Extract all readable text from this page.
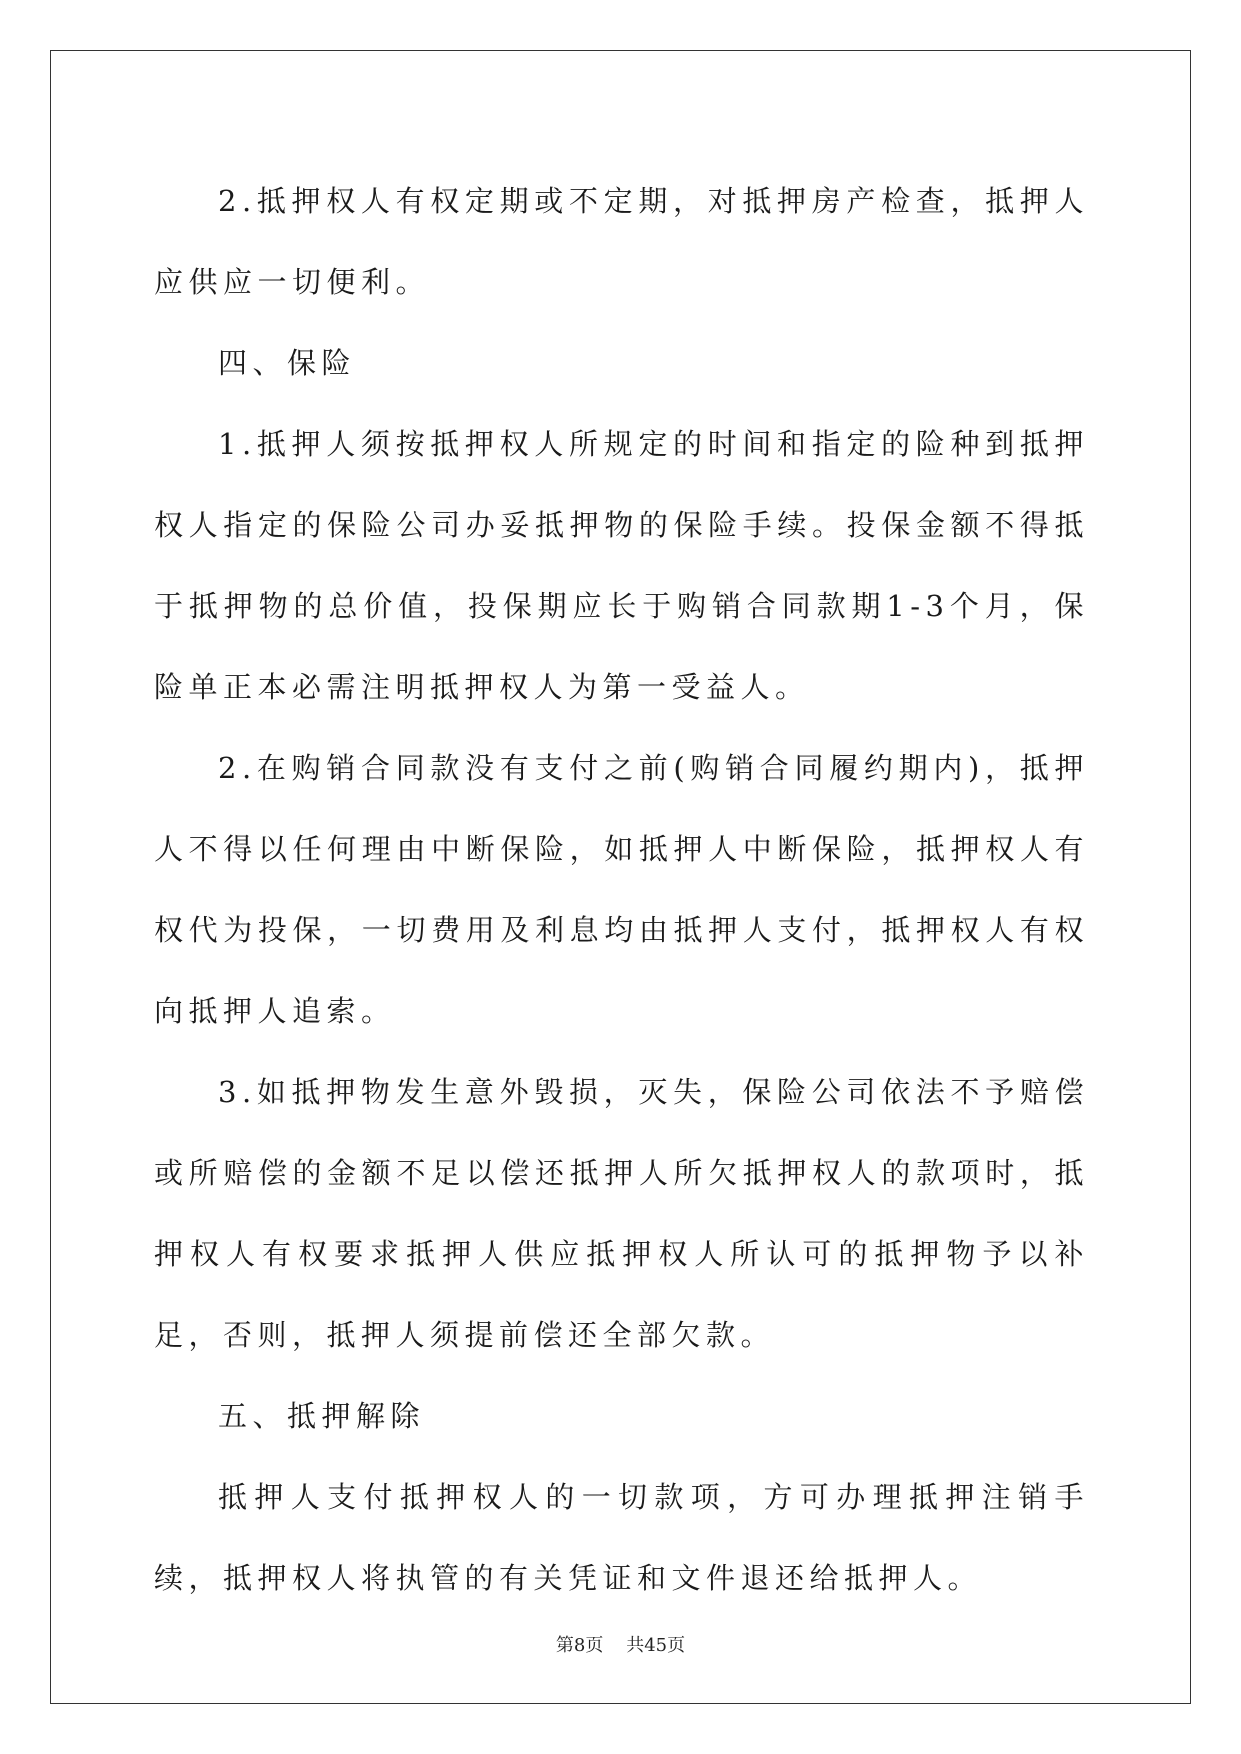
2.抵押权人有权定期或不定期，对抵押房产检查，抵押人应供应一切便利。

四、保险

1.抵押人须按抵押权人所规定的时间和指定的险种到抵押权人指定的保险公司办妥抵押物的保险手续。投保金额不得抵于抵押物的总价值，投保期应长于购销合同款期1-3个月，保险单正本必需注明抵押权人为第一受益人。

2.在购销合同款没有支付之前(购销合同履约期内)，抵押人不得以任何理由中断保险，如抵押人中断保险，抵押权人有权代为投保，一切费用及利息均由抵押人支付，抵押权人有权向抵押人追索。

3.如抵押物发生意外毁损，灭失，保险公司依法不予赔偿或所赔偿的金额不足以偿还抵押人所欠抵押权人的款项时，抵押权人有权要求抵押人供应抵押权人所认可的抵押物予以补足，否则，抵押人须提前偿还全部欠款。

五、抵押解除

抵押人支付抵押权人的一切款项，方可办理抵押注销手续，抵押权人将执管的有关凭证和文件退还给抵押人。

第8页 共45页
